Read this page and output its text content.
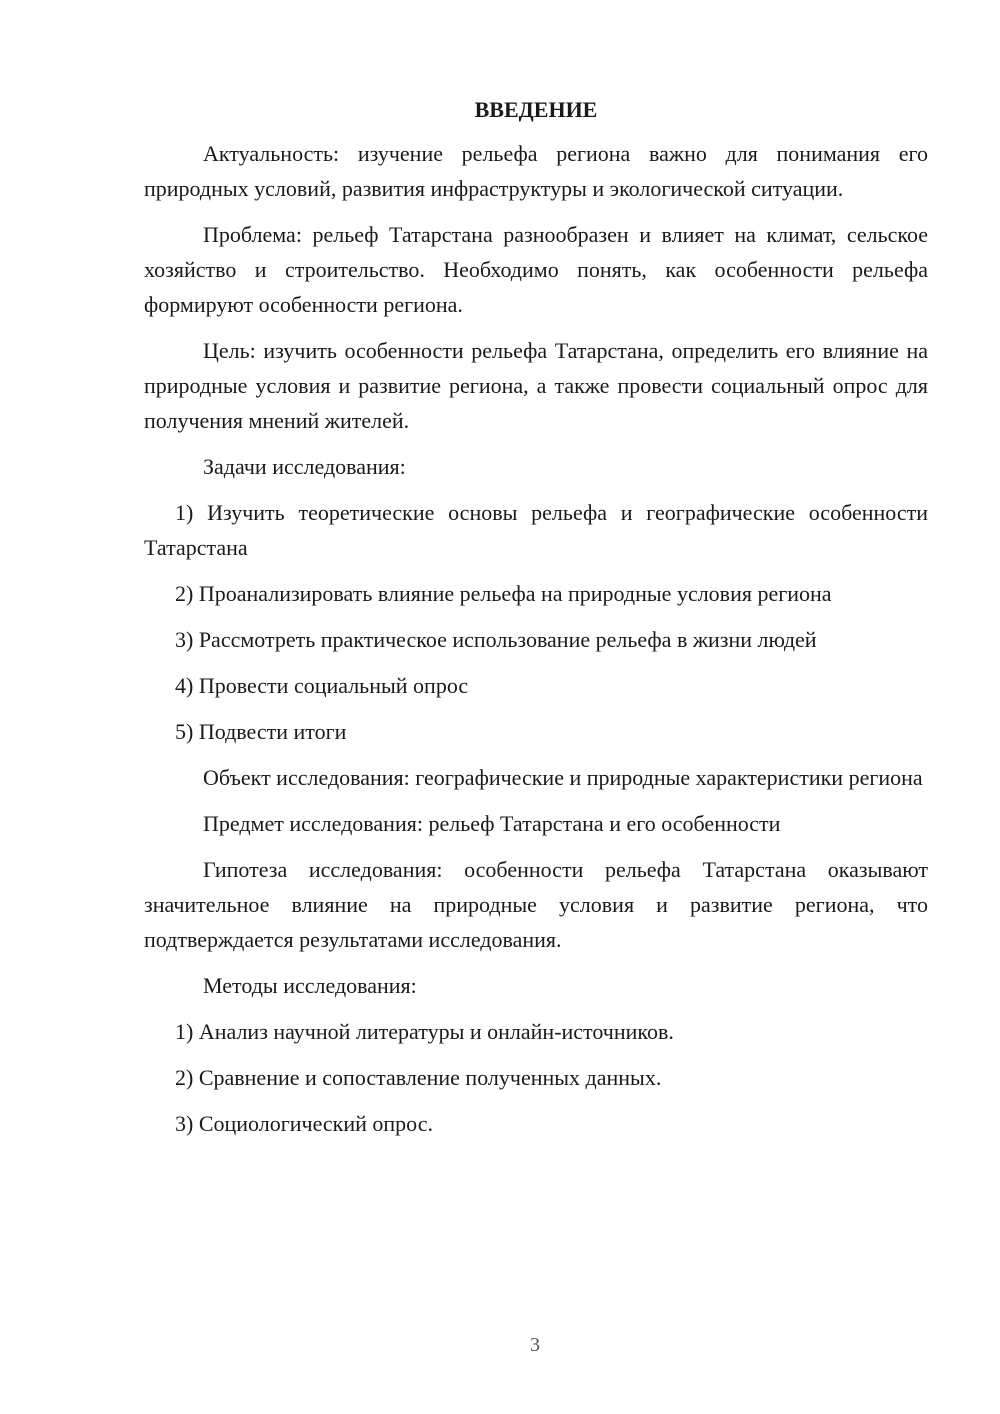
ВВЕДЕНИЕ

Актуальность: изучение рельефа региона важно для понимания его природных условий, развития инфраструктуры и экологической ситуации.

Проблема: рельеф Татарстана разнообразен и влияет на климат, сельское хозяйство и строительство. Необходимо понять, как особенности рельефа формируют особенности региона.

Цель: изучить особенности рельефа Татарстана, определить его влияние на природные условия и развитие региона, а также провести социальный опрос для получения мнений жителей.

Задачи исследования:

1) Изучить теоретические основы рельефа и географические особенности Татарстана

2) Проанализировать влияние рельефа на природные условия региона

3) Рассмотреть практическое использование рельефа в жизни людей

4) Провести социальный опрос

5) Подвести итоги

Объект исследования: географические и природные характеристики региона

Предмет исследования: рельеф Татарстана и его особенности

Гипотеза исследования: особенности рельефа Татарстана оказывают значительное влияние на природные условия и развитие региона, что подтверждается результатами исследования.

Методы исследования:

1) Анализ научной литературы и онлайн-источников.

2) Сравнение и сопоставление полученных данных.

3) Социологический опрос.

3
